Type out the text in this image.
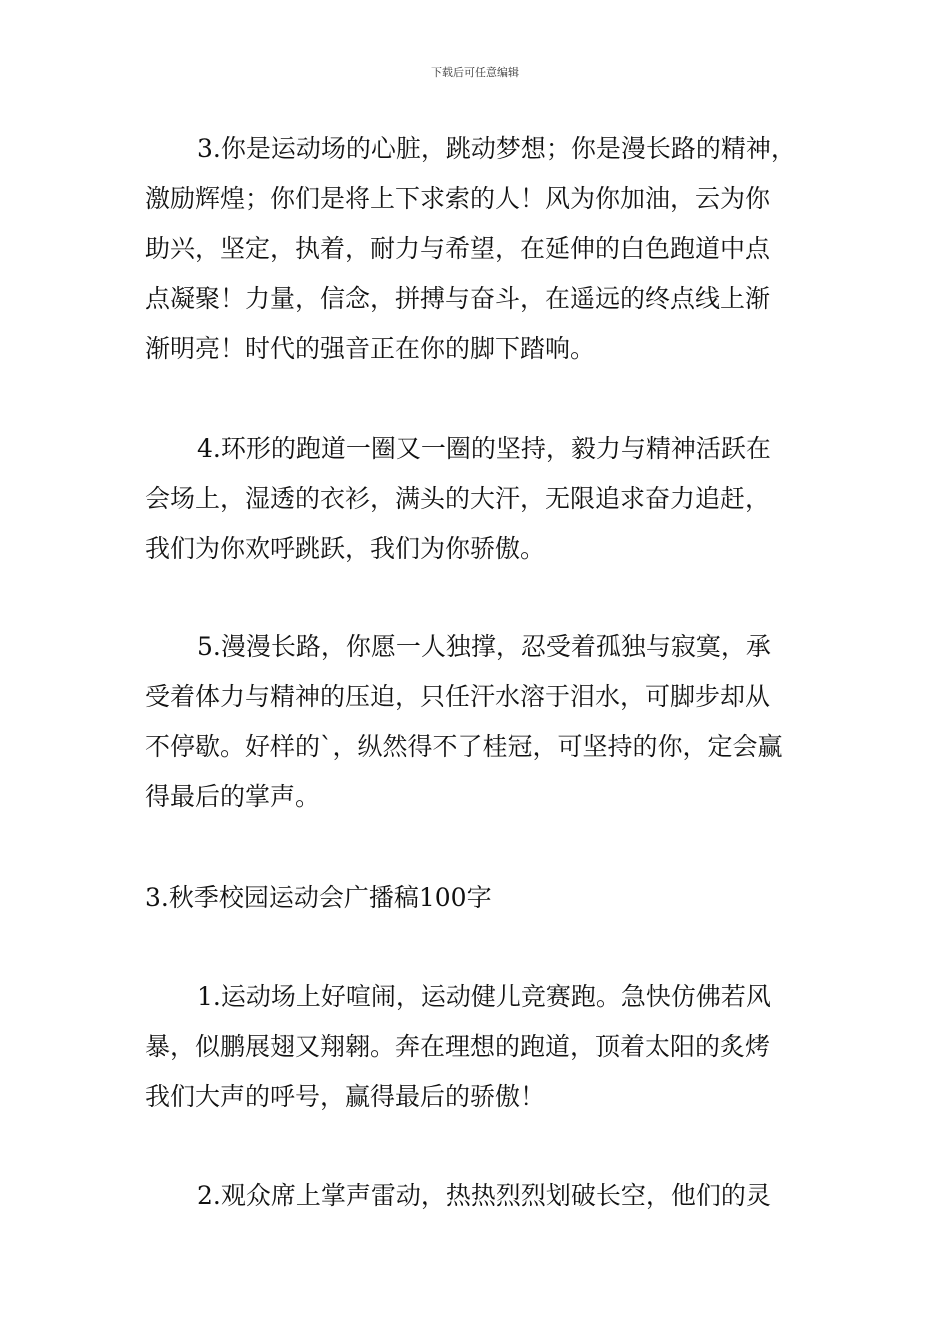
下载后可任意编辑
3.你是运动场的心脏，跳动梦想；你是漫长路的精神，
激励辉煌；你们是将上下求索的人！风为你加油，云为你
助兴，坚定，执着，耐力与希望，在延伸的白色跑道中点
点凝聚！力量，信念，拼搏与奋斗，在遥远的终点线上渐
渐明亮！时代的强音正在你的脚下踏响。
4.环形的跑道一圈又一圈的坚持，毅力与精神活跃在
会场上，湿透的衣衫，满头的大汗，无限追求奋力追赶，
我们为你欢呼跳跃，我们为你骄傲。
5.漫漫长路，你愿一人独撑，忍受着孤独与寂寞，承
受着体力与精神的压迫，只任汗水溶于泪水，可脚步却从
不停歇。好样的`，纵然得不了桂冠，可坚持的你，定会赢
得最后的掌声。
3.秋季校园运动会广播稿100字
1.运动场上好喧闹，运动健儿竞赛跑。急快仿佛若风
暴，似鹏展翅又翔翱。奔在理想的跑道，顶着太阳的炙烤
我们大声的呼号，赢得最后的骄傲！
2.观众席上掌声雷动，热热烈烈划破长空，他们的灵
